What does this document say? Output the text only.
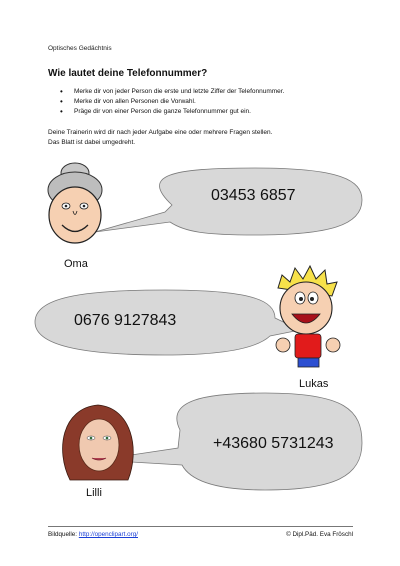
Optisches Gedächtnis
Wie lautet deine Telefonnummer?
• Merke dir von jeder Person die erste und letzte Ziffer der Telefonnummer.
• Merke dir von allen Personen die Vorwahl.
• Präge dir von einer Person die ganze Telefonnummer gut ein.
Deine Trainerin wird dir nach jeder Aufgabe eine oder mehrere Fragen stellen.
Das Blatt ist dabei umgedreht.
03453 6857
Oma
0676 9127843
Lukas
+43680 5731243
Lilli
Bildquelle: http://openclipart.org/	© Dipl.Päd. Eva Fröschl
